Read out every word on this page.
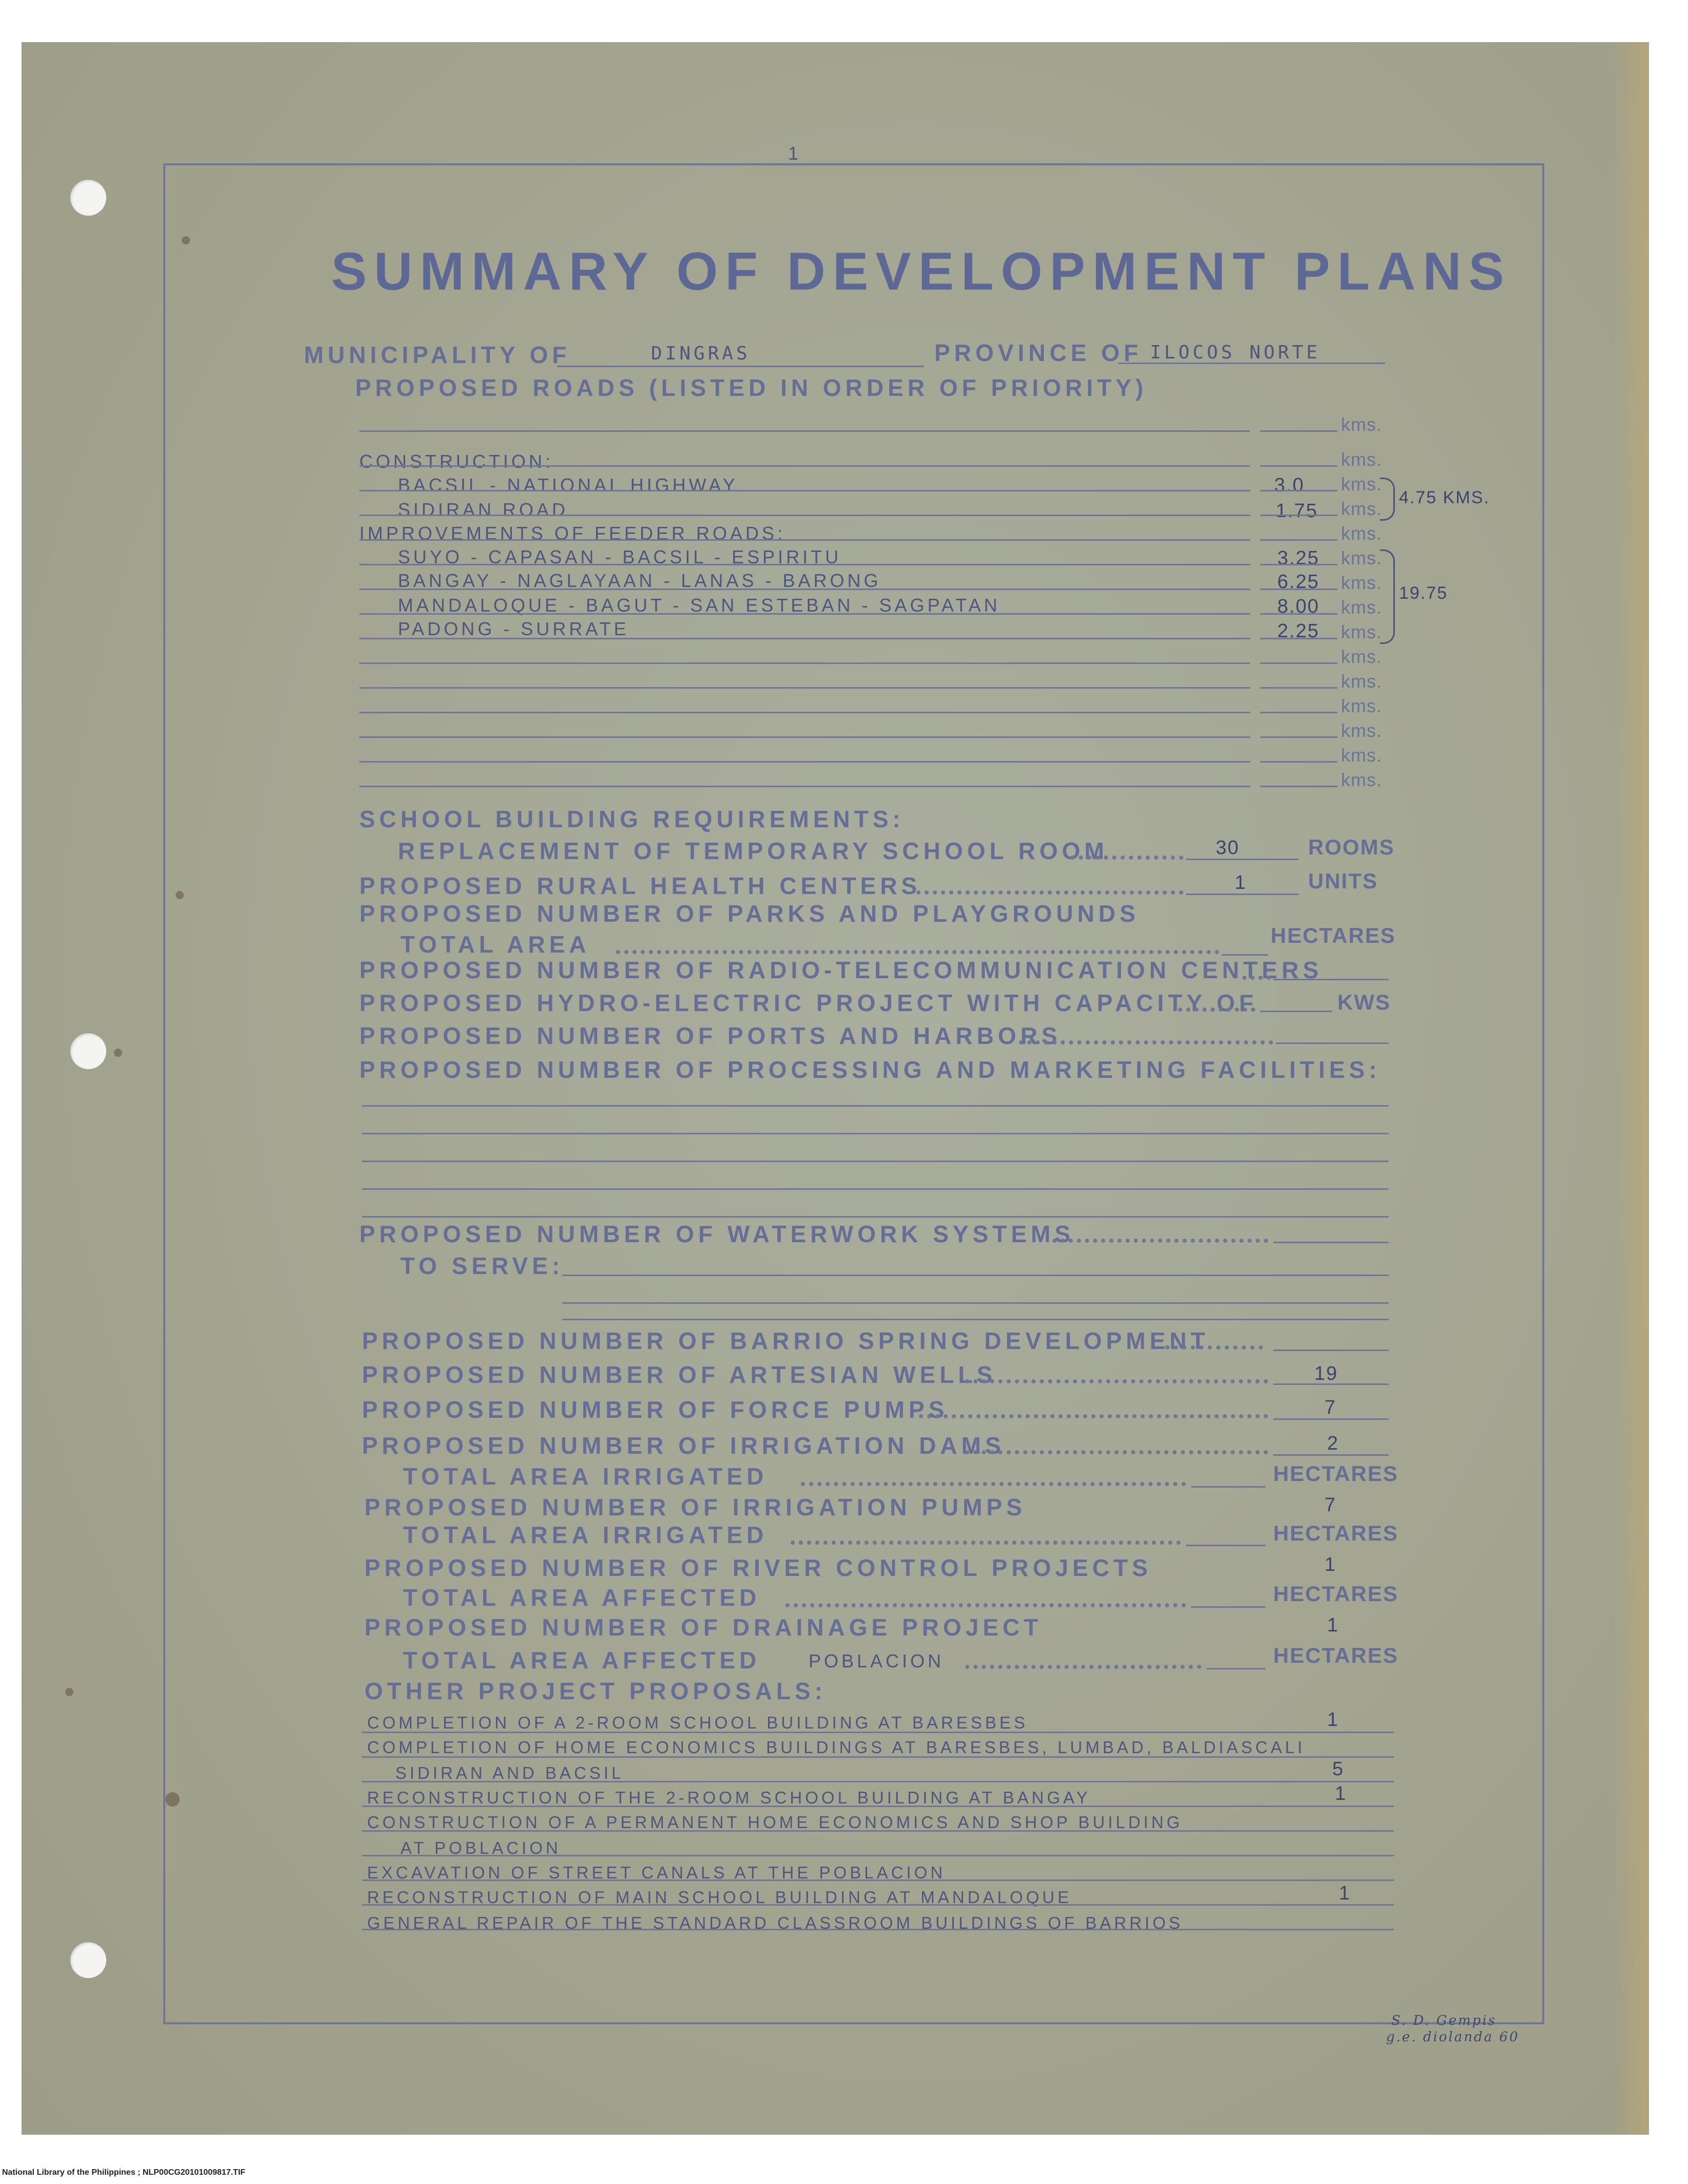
1
SUMMARY OF DEVELOPMENT PLANS
MUNICIPALITY OF	DINGRAS	PROVINCE OF ILOCOS NORTE
PROPOSED ROADS (LISTED IN ORDER OF PRIORITY)
kms.
CONSTRUCTION:	kms.
BACSIL - NATIONAL HIGHWAY	3.0 kms.
SIDIRAN ROAD	1.75 kms.
4.75 KMS.
IMPROVEMENTS OF FEEDER ROADS:	kms.
SUYO - CAPASAN - BACSIL - ESPIRITU	3.25 kms.
BANGAY - NAGLAYAAN - LANAS - BARONG	6.25 kms.
MANDALOQUE - BAGUT - SAN ESTEBAN - SAGPATAN	8.00 kms.
PADONG - SURRATE	2.25 kms.
19.75
kms.
kms.
kms.
kms.
kms.
kms.
SCHOOL BUILDING REQUIREMENTS:
REPLACEMENT OF TEMPORARY SCHOOL ROOM	30	ROOMS
PROPOSED RURAL HEALTH CENTERS	1	UNITS
PROPOSED NUMBER OF PARKS AND PLAYGROUNDS
TOTAL AREA	HECTARES
PROPOSED NUMBER OF RADIO-TELECOMMUNICATION CENTERS
PROPOSED HYDRO-ELECTRIC PROJECT WITH CAPACITY OF	KWS
PROPOSED NUMBER OF PORTS AND HARBORS
PROPOSED NUMBER OF PROCESSING AND MARKETING FACILITIES:
PROPOSED NUMBER OF WATERWORK SYSTEMS
TO SERVE:
PROPOSED NUMBER OF BARRIO SPRING DEVELOPMENT
PROPOSED NUMBER OF ARTESIAN WELLS	19
PROPOSED NUMBER OF FORCE PUMPS	7
PROPOSED NUMBER OF IRRIGATION DAMS	2
TOTAL AREA IRRIGATED	HECTARES
PROPOSED NUMBER OF IRRIGATION PUMPS	7
TOTAL AREA IRRIGATED	HECTARES
PROPOSED NUMBER OF RIVER CONTROL PROJECTS	1
TOTAL AREA AFFECTED	HECTARES
PROPOSED NUMBER OF DRAINAGE PROJECT	1
TOTAL AREA AFFECTED	POBLACION	HECTARES
OTHER PROJECT PROPOSALS:
COMPLETION OF A 2-ROOM SCHOOL BUILDING AT BARESBES	1
COMPLETION OF HOME ECONOMICS BUILDINGS AT BARESBES, LUMBAD, BALDIASCALI
SIDIRAN AND BACSIL	5
RECONSTRUCTION OF THE 2-ROOM SCHOOL BUILDING AT BANGAY	1
CONSTRUCTION OF A PERMANENT HOME ECONOMICS AND SHOP BUILDING
AT POBLACION
EXCAVATION OF STREET CANALS AT THE POBLACION
RECONSTRUCTION OF MAIN SCHOOL BUILDING AT MANDALOQUE	1
GENERAL REPAIR OF THE STANDARD CLASSROOM BUILDINGS OF BARRIOS
S. D. Gempis
g.e. diolanda 60
National Library of the Philippines ; NLP00CG20101009817.TIF
